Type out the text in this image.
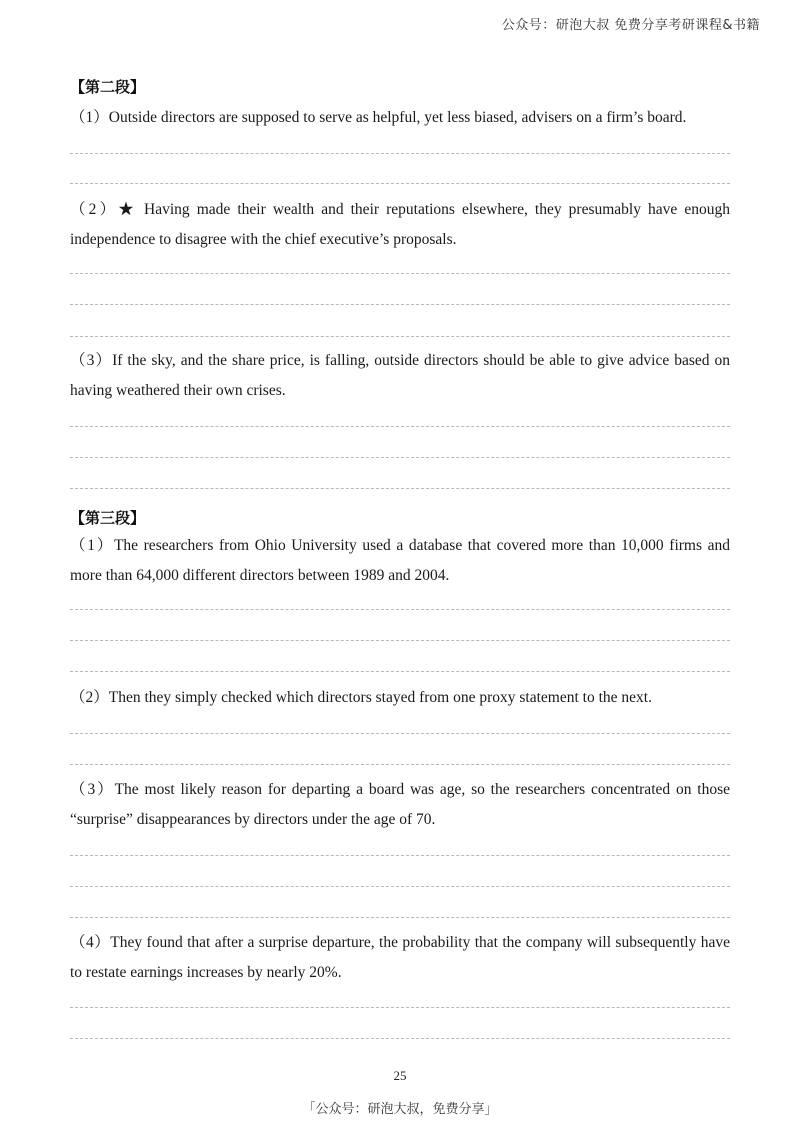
公众号：研泡大叔 免费分享考研课程&书籍
【第二段】
（1）Outside directors are supposed to serve as helpful, yet less biased, advisers on a firm’s board.
（2）★ Having made their wealth and their reputations elsewhere, they presumably have enough independence to disagree with the chief executive’s proposals.
（3）If the sky, and the share price, is falling, outside directors should be able to give advice based on having weathered their own crises.
【第三段】
（1）The researchers from Ohio University used a database that covered more than 10,000 firms and more than 64,000 different directors between 1989 and 2004.
（2）Then they simply checked which directors stayed from one proxy statement to the next.
（3）The most likely reason for departing a board was age, so the researchers concentrated on those “surprise” disappearances by directors under the age of 70.
（4）They found that after a surprise departure, the probability that the company will subsequently have to restate earnings increases by nearly 20%.
25
「公众号：研泡大叔，免费分享」
